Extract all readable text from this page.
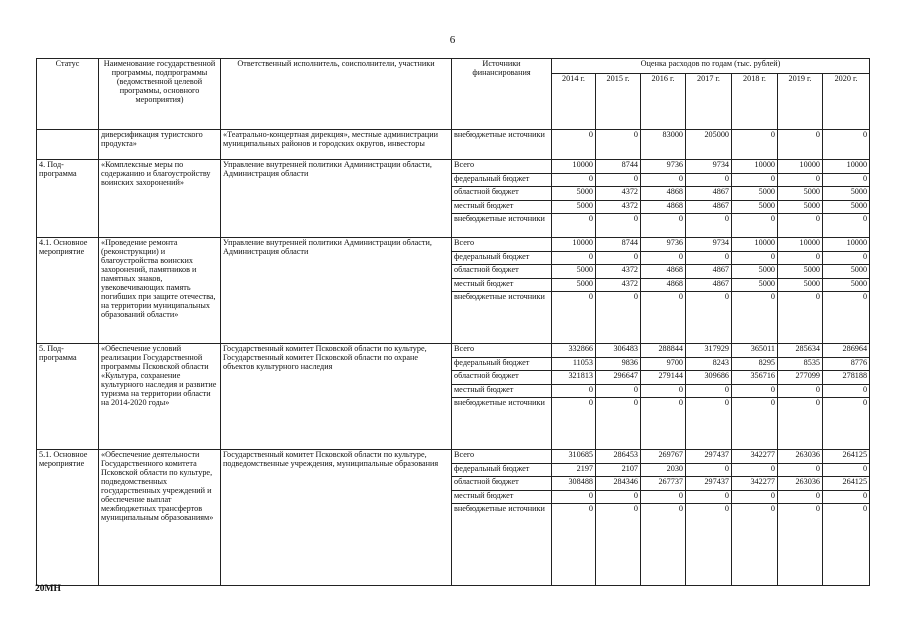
6
Статус	Наименование государственной программы, подпрограммы (ведомственной целевой программы, основного мероприятия)	Ответственный исполнитель, соисполнители, участники	Источники финансирования	Оценка расходов по годам (тыс. рублей)						
				2014 г.	2015 г.	2016 г.	2017 г.	2018 г.	2019 г.	2020 г.
	диверсификация туристского продукта»	«Театрально-концертная дирекция», местные администрации муниципальных районов и городских округов, инвесторы	внебюджетные источники	0	0	83000	205000	0	0	0
4. Под-программа	«Комплексные меры по содержанию и благоустройству воинских захоронений»	Управление внутренней политики Администрации области, Администрация области	Всего	10000	8744	9736	9734	10000	10000	10000
			федеральный бюджет	0	0	0	0	0	0	0
			областной бюджет	5000	4372	4868	4867	5000	5000	5000
			местный бюджет	5000	4372	4868	4867	5000	5000	5000
			внебюджетные источники	0	0	0	0	0	0	0
4.1. Основное мероприятие	«Проведение ремонта (реконструкции) и благоустройства воинских захоронений, памятников и памятных знаков, увековечивающих память погибших при защите отечества, на территории муниципальных образований области»	Управление внутренней политики Администрации области, Администрация области	Всего	10000	8744	9736	9734	10000	10000	10000
			федеральный бюджет	0	0	0	0	0	0	0
			областной бюджет	5000	4372	4868	4867	5000	5000	5000
			местный бюджет	5000	4372	4868	4867	5000	5000	5000
			внебюджетные источники	0	0	0	0	0	0	0
5. Под-программа	«Обеспечение условий реализации Государственной программы Псковской области «Культура, сохранение культурного наследия и развитие туризма на территории области на 2014-2020 годы»	Государственный комитет Псковской области по культуре, Государственный комитет Псковской области по охране объектов культурного наследия	Всего	332866	306483	288844	317929	365011	285634	286964
			федеральный бюджет	11053	9836	9700	8243	8295	8535	8776
			областной бюджет	321813	296647	279144	309686	356716	277099	278188
			местный бюджет	0	0	0	0	0	0	0
			внебюджетные источники	0	0	0	0	0	0	0
5.1. Основное мероприятие	«Обеспечение деятельности Государственного комитета Псковской области по культуре, подведомственных государственных учреждений и обеспечение выплат межбюджетных трансфертов муниципальным образованиям»	Государственный комитет Псковской области по культуре, подведомственные учреждения, муниципальные образования	Всего	310685	286453	269767	297437	342277	263036	264125
			федеральный бюджет	2197	2107	2030	0	0	0	0
			областной бюджет	308488	284346	267737	297437	342277	263036	264125
			местный бюджет	0	0	0	0	0	0	0
			внебюджетные источники	0	0	0	0	0	0	0
20МН
